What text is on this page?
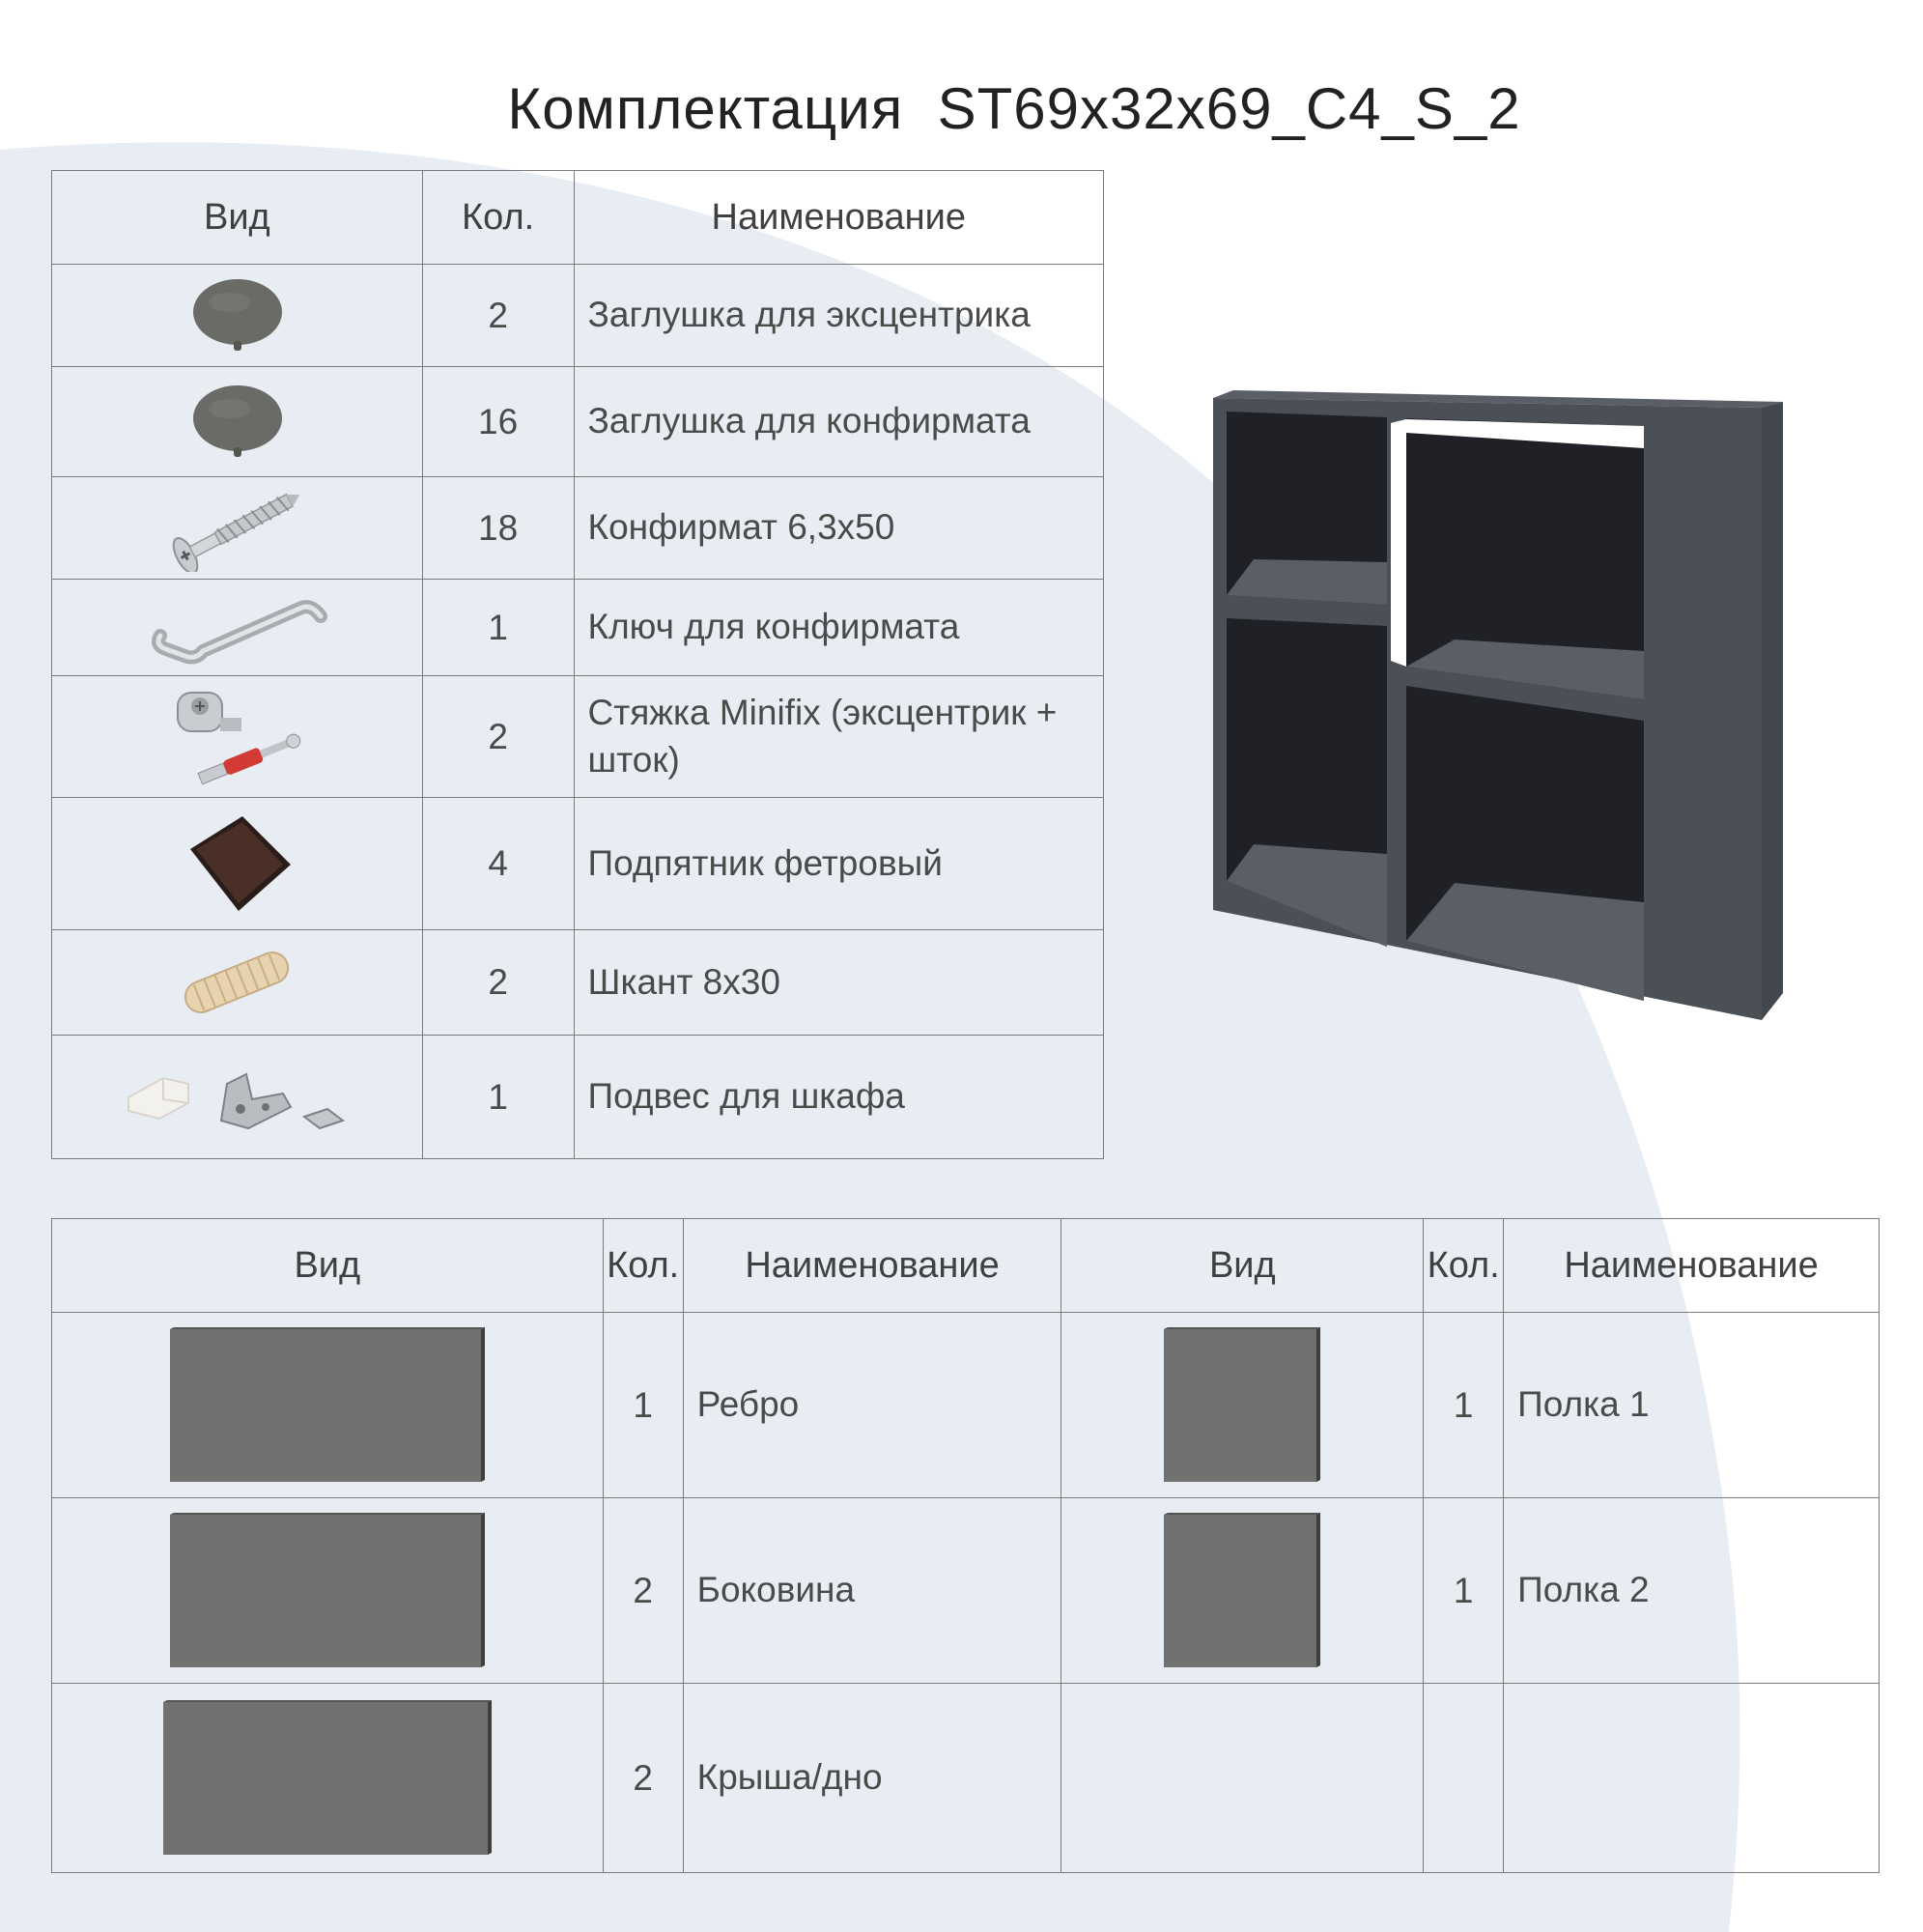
Комплектация  ST69x32x69_C4_S_2
Вид	Кол.	Наименование

	2	Заглушка для эксцентрика

	16	Заглушка для конфирмата

	18	Конфирмат 6,3x50

	1	Ключ для конфирмата

	2	Стяжка Minifix (эксцентрик + шток)

	4	Подпятник фетровый

	2	Шкант 8x30

	1	Подвес для шкафа
Вид	Кол.	Наименование	Вид	Кол.	Наименование

	1	Ребро		1	Полка 1

	2	Боковина		1	Полка 2

	2	Крыша/дно			
